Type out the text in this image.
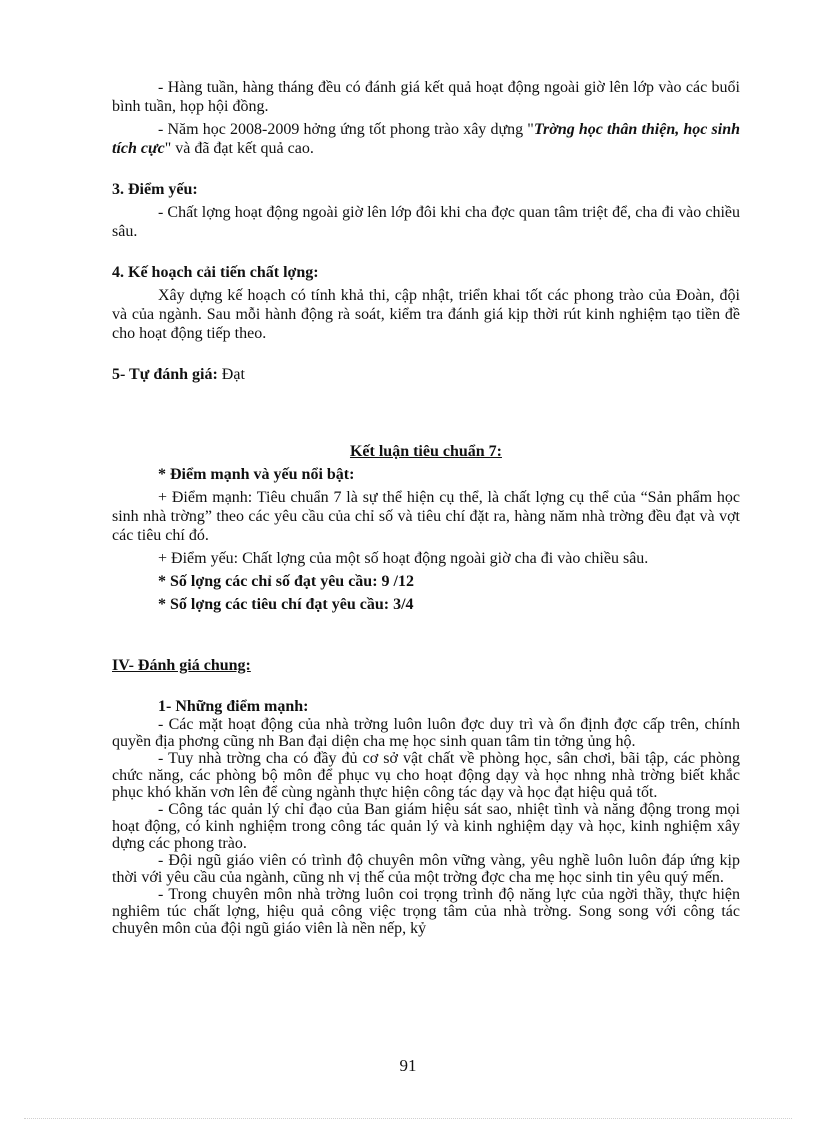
- Hàng tuần, hàng tháng đều có đánh giá kết quả hoạt động ngoài giờ lên lớp vào các buổi bình tuần, họp hội đồng.

- Năm học 2008-2009 hởng ứng tốt phong trào xây dựng "Trờng học thân thiện, học sinh tích cực" và đã đạt kết quả cao.

3. Điểm yếu:

- Chất lợng hoạt động ngoài giờ lên lớp đôi khi cha đợc quan tâm triệt để, cha đi vào chiều sâu.

4. Kế hoạch cải tiến chất lợng:

Xây dựng kế hoạch có tính khả thi, cập nhật, triển khai tốt các phong trào của Đoàn, đội và của ngành. Sau mỗi hành động rà soát, kiểm tra đánh giá kịp thời rút kinh nghiệm tạo tiền đề cho hoạt động tiếp theo.

5- Tự đánh giá: Đạt

Kết luận tiêu chuẩn 7:

* Điểm mạnh và yếu nổi bật:

+ Điểm mạnh: Tiêu chuẩn 7 là sự thể hiện cụ thể, là chất lợng cụ thể của “Sản phẩm học sinh nhà trờng” theo các yêu cầu của chỉ số và tiêu chí đặt ra, hàng năm nhà trờng đều đạt và vợt các tiêu chí đó.

+ Điểm yếu: Chất lợng của một số hoạt động ngoài giờ cha đi vào chiều sâu.

* Số lợng các chỉ số đạt yêu cầu: 9 /12

* Số lợng các tiêu chí đạt yêu cầu: 3/4

IV- Đánh giá chung:

1- Những điểm mạnh:

- Các mặt hoạt động của nhà trờng luôn luôn đợc duy trì và ổn định đợc cấp trên, chính quyền địa phơng cũng nh Ban đại diện cha mẹ học sinh quan tâm tin tởng ủng hộ.

- Tuy nhà trờng cha có đầy đủ cơ sở vật chất về phòng học, sân chơi, bãi tập, các phòng chức năng, các phòng bộ môn để phục vụ cho hoạt động dạy và học nhng nhà trờng biết khắc phục khó khăn vơn lên để cùng ngành thực hiện công tác dạy và học đạt hiệu quả tốt.

- Công tác quản lý chỉ đạo của Ban giám hiệu sát sao, nhiệt tình và năng động trong mọi hoạt động, có kinh nghiệm trong công tác quản lý và kinh nghiệm dạy và học, kinh nghiệm xây dựng các phong trào.

- Đội ngũ giáo viên có trình độ chuyên môn vững vàng, yêu nghề luôn luôn đáp ứng kịp thời với yêu cầu của ngành, cũng nh vị thế của một trờng đợc cha mẹ học sinh tin yêu quý mến.

- Trong chuyên môn nhà trờng luôn coi trọng trình độ năng lực của ngời thầy, thực hiện nghiêm túc chất lợng, hiệu quả công việc trọng tâm của nhà trờng. Song song với công tác chuyên môn của đội ngũ giáo viên là nền nếp, kỷ

91
